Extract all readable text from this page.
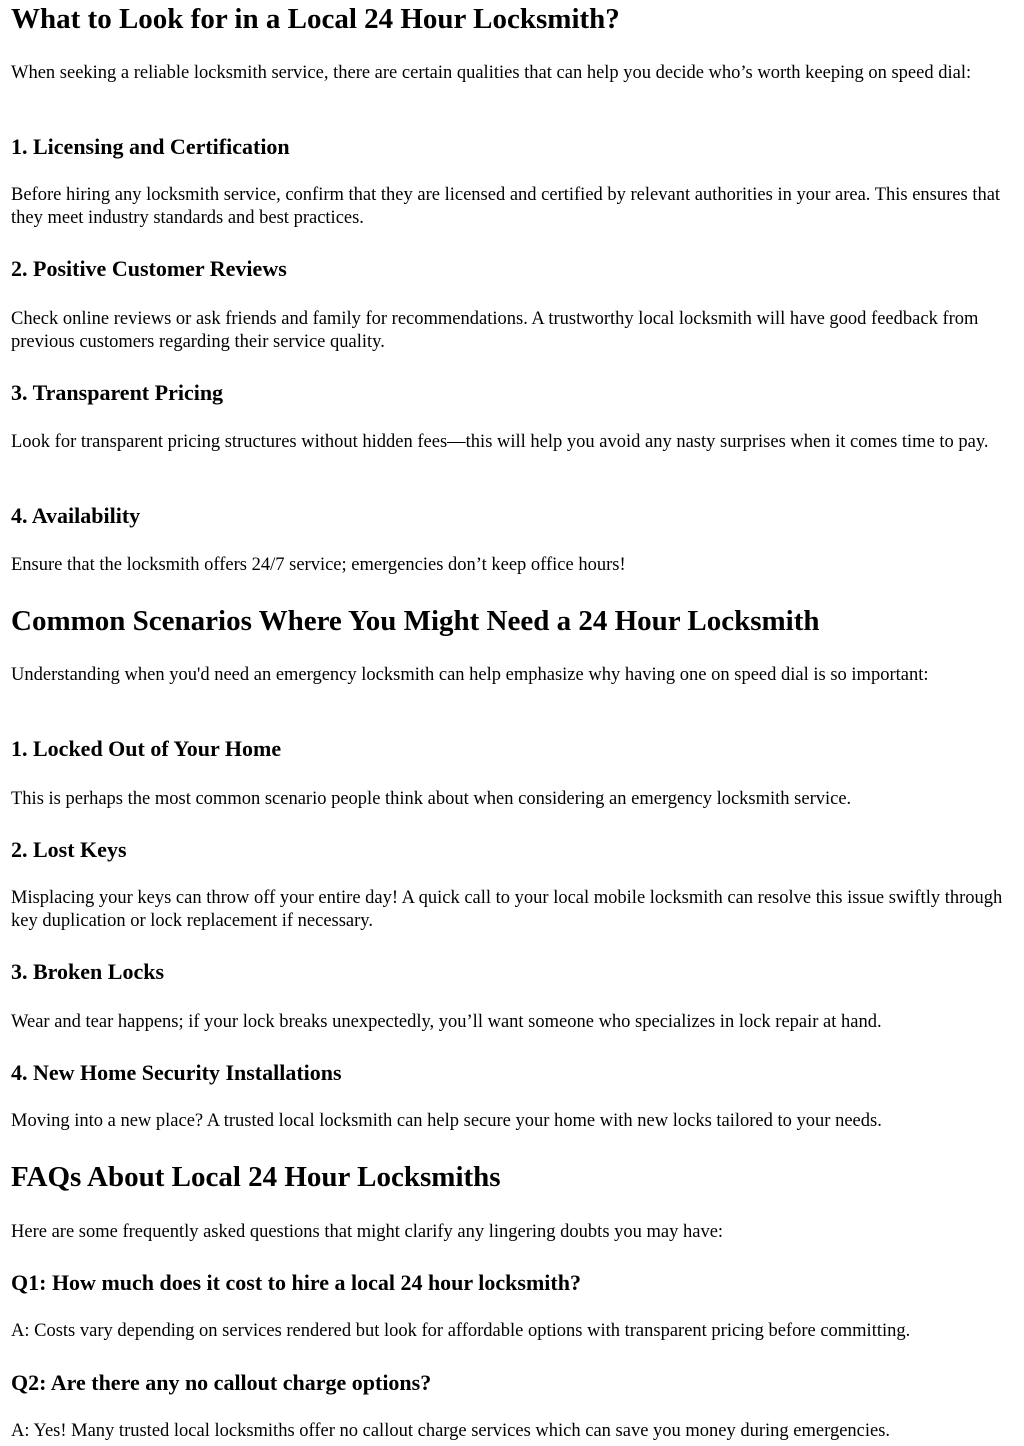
What to Look for in a Local 24 Hour Locksmith?

When seeking a reliable locksmith service, there are certain qualities that can help you decide who’s worth keeping on speed dial:

1. Licensing and Certification

Before hiring any locksmith service, confirm that they are licensed and certified by relevant authorities in your area. This ensures that they meet industry standards and best practices.

2. Positive Customer Reviews

Check online reviews or ask friends and family for recommendations. A trustworthy local locksmith will have good feedback from previous customers regarding their service quality.

3. Transparent Pricing

Look for transparent pricing structures without hidden fees—this will help you avoid any nasty surprises when it comes time to pay.

4. Availability

Ensure that the locksmith offers 24/7 service; emergencies don’t keep office hours!

Common Scenarios Where You Might Need a 24 Hour Locksmith

Understanding when you'd need an emergency locksmith can help emphasize why having one on speed dial is so important:

1. Locked Out of Your Home

This is perhaps the most common scenario people think about when considering an emergency locksmith service.

2. Lost Keys

Misplacing your keys can throw off your entire day! A quick call to your local mobile locksmith can resolve this issue swiftly through key duplication or lock replacement if necessary.

3. Broken Locks

Wear and tear happens; if your lock breaks unexpectedly, you’ll want someone who specializes in lock repair at hand.

4. New Home Security Installations

Moving into a new place? A trusted local locksmith can help secure your home with new locks tailored to your needs.

FAQs About Local 24 Hour Locksmiths

Here are some frequently asked questions that might clarify any lingering doubts you may have:

Q1: How much does it cost to hire a local 24 hour locksmith?

A: Costs vary depending on services rendered but look for affordable options with transparent pricing before committing.

Q2: Are there any no callout charge options?

A: Yes! Many trusted local locksmiths offer no callout charge services which can save you money during emergencies.
